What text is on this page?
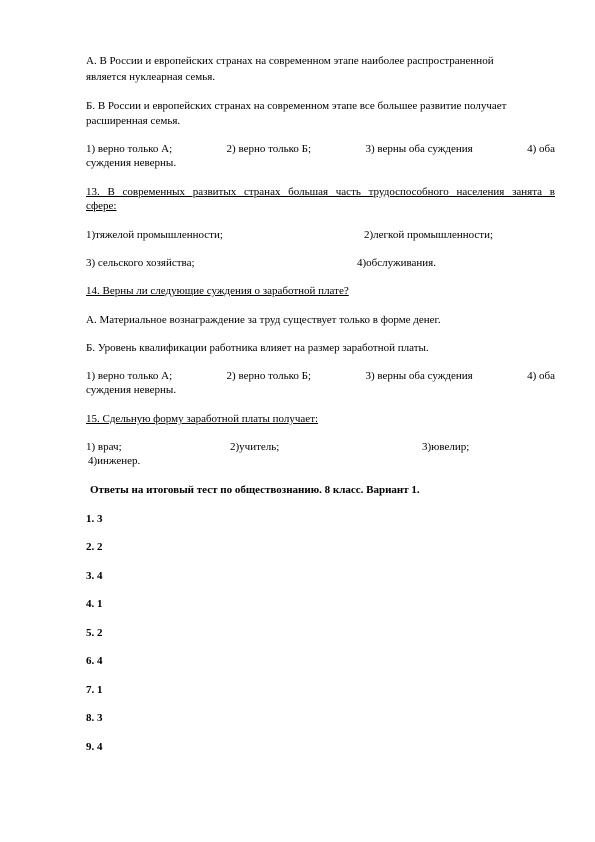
А. В России и европейских странах на современном этапе наиболее распространенной
является нуклеарная семья.
Б. В России и европейских странах на современном этапе все большее развитие получает
расширенная семья.
1) верно только А;	2) верно только Б;	3) верны оба суждения	4) оба
суждения неверны.
13. В современных развитых странах большая часть трудоспособного населения занята в
сфере:
1)тяжелой промышленности;	2)легкой промышленности;
3) сельского хозяйства;	4)обслуживания.
14. Верны ли следующие суждения о заработной плате?
А. Материальное вознаграждение за труд существует только в форме денег.
Б. Уровень квалификации работника влияет на размер заработной платы.
1) верно только А;	2) верно только Б;	3) верны оба суждения	4) оба
суждения неверны.
15. Сдельную форму заработной платы получает:
1) врач;	2)учитель;	3)ювелир;
4)инженер.
Ответы на итоговый тест по обществознанию. 8 класс. Вариант 1.
1. 3
2. 2
3. 4
4. 1
5. 2
6. 4
7. 1
8. 3
9. 4
